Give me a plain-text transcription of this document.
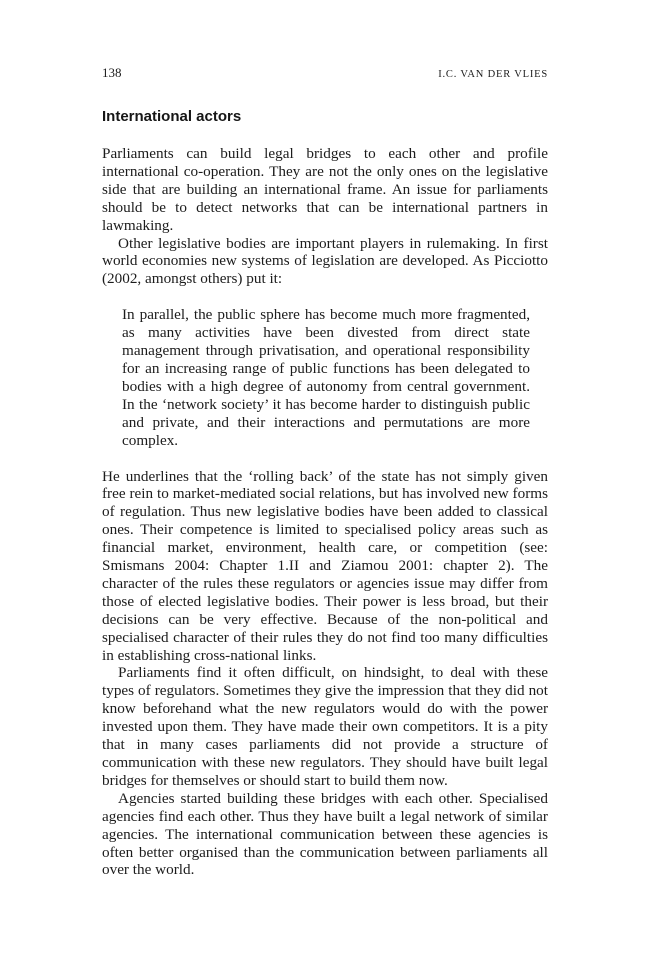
138	I.C. VAN DER VLIES
International actors

Parliaments can build legal bridges to each other and profile international co-operation. They are not the only ones on the legislative side that are building an international frame. An issue for parliaments should be to detect networks that can be international partners in lawmaking.

Other legislative bodies are important players in rulemaking. In first world economies new systems of legislation are developed. As Picciotto (2002, amongst others) put it:

In parallel, the public sphere has become much more fragmented, as many activities have been divested from direct state management through privatisation, and operational responsibility for an increasing range of public functions has been delegated to bodies with a high degree of autonomy from central government. In the ‘network society’ it has become harder to distinguish public and private, and their interactions and permutations are more complex.

He underlines that the ‘rolling back’ of the state has not simply given free rein to market-mediated social relations, but has involved new forms of regulation. Thus new legislative bodies have been added to classical ones. Their competence is limited to specialised policy areas such as financial market, environment, health care, or competition (see: Smismans 2004: Chapter 1.II and Ziamou 2001: chapter 2). The character of the rules these regulators or agencies issue may differ from those of elected legislative bodies. Their power is less broad, but their decisions can be very effective. Because of the non-political and specialised character of their rules they do not find too many difficulties in establishing cross-national links.

Parliaments find it often difficult, on hindsight, to deal with these types of regulators. Sometimes they give the impression that they did not know beforehand what the new regulators would do with the power invested upon them. They have made their own competitors. It is a pity that in many cases parliaments did not provide a structure of communication with these new regulators. They should have built legal bridges for themselves or should start to build them now.

Agencies started building these bridges with each other. Specialised agencies find each other. Thus they have built a legal network of similar agencies. The international communication between these agencies is often better organised than the communication between parliaments all over the world.
